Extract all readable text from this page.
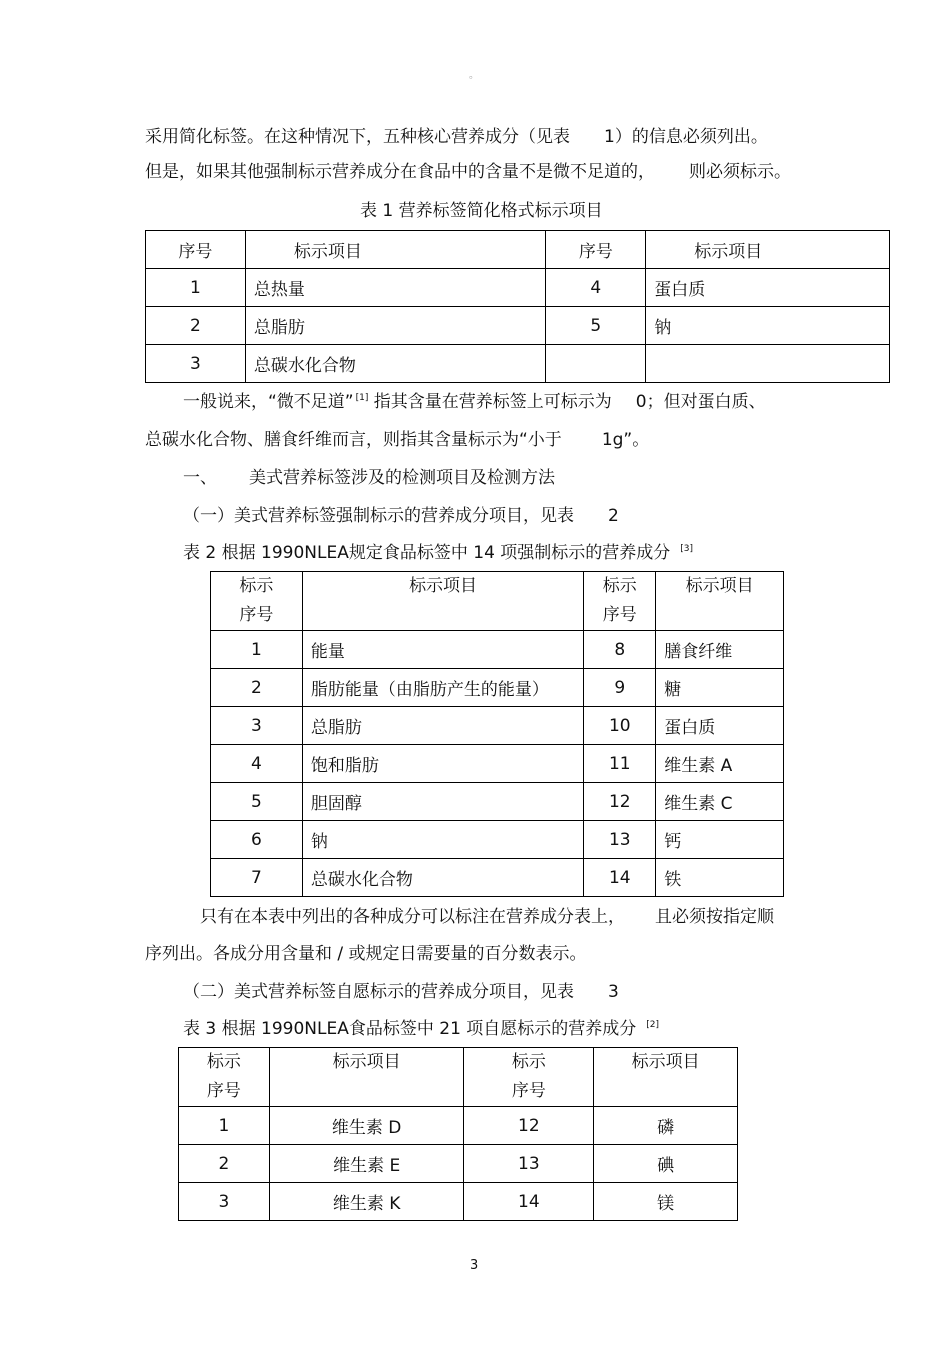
。
采用简化标签。在这种情况下，五种核心营养成分（见表 1）的信息必须列出。
但是，如果其他强制标示营养成分在食品中的含量不是微不足道的， 则必须标示。
表 1 营养标签简化格式标示项目
序号	标示项目	序号	标示项目
1	总热量	4	蛋白质
2	总脂肪	5	钠
3	总碳水化合物		
一般说来，“微不足道” [1] 指其含量在营养标签上可标示为 0；但对蛋白质、
总碳水化合物、膳食纤维而言，则指其含量标示为“小于 1g”。
一、 美式营养标签涉及的检测项目及检测方法
（一）美式营养标签强制标示的营养成分项目，见表 2
表 2 根据 1990NLEA规定食品标签中 14 项强制标示的营养成分 [3]
标示
序号	标示项目	标示
序号	标示项目
1	能量	8	膳食纤维
2	脂肪能量（由脂肪产生的能量）	9	糖
3	总脂肪	10	蛋白质
4	饱和脂肪	11	维生素 A
5	胆固醇	12	维生素 C
6	钠	13	钙
7	总碳水化合物	14	铁
只有在本表中列出的各种成分可以标注在营养成分表上， 且必须按指定顺
序列出。各成分用含量和 / 或规定日需要量的百分数表示。
（二）美式营养标签自愿标示的营养成分项目，见表 3
表 3 根据 1990NLEA食品标签中 21 项自愿标示的营养成分 [2]
标示
序号	标示项目	标示
序号	标示项目
1	维生素 D	12	磷
2	维生素 E	13	碘
3	维生素 K	14	镁
3
